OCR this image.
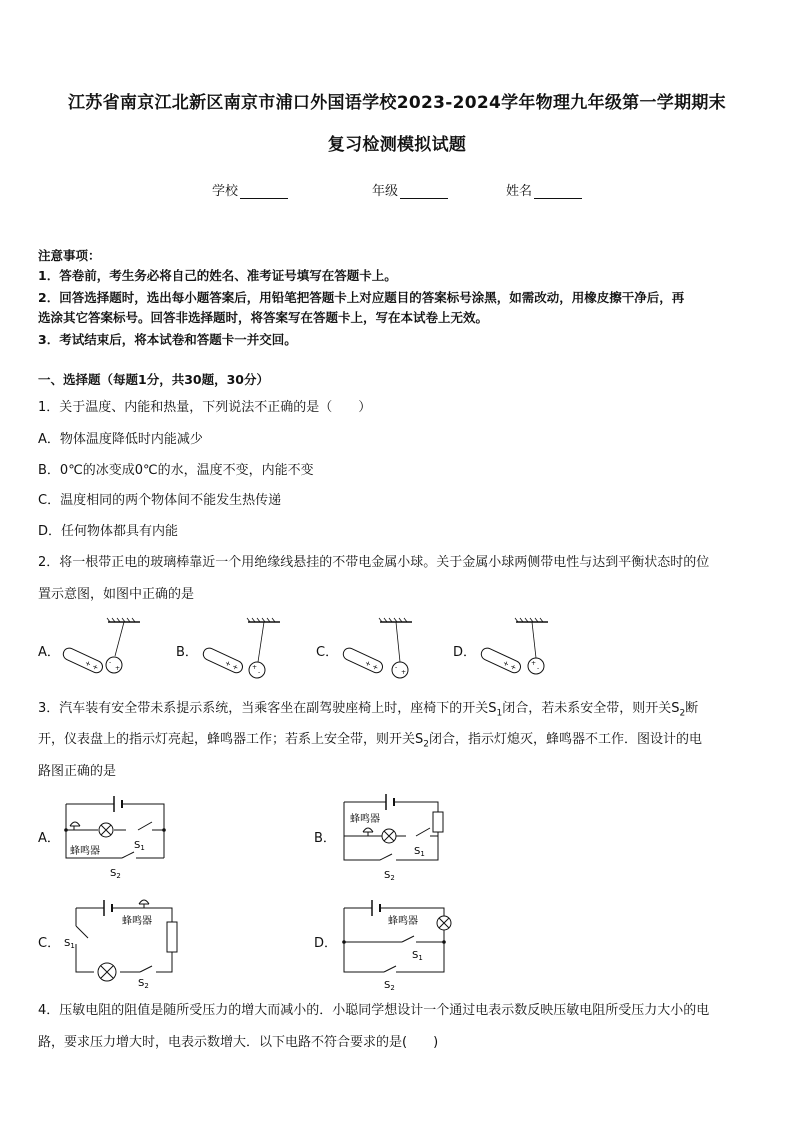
江苏省南京江北新区南京市浦口外国语学校2023-2024学年物理九年级第一学期期末
复习检测模拟试题
学校	年级	姓名
注意事项：
1．答卷前，考生务必将自己的姓名、准考证号填写在答题卡上。
2．回答选择题时，选出每小题答案后，用铅笔把答题卡上对应题目的答案标号涂黑，如需改动，用橡皮擦干净后，再
选涂其它答案标号。回答非选择题时，将答案写在答题卡上，写在本试卷上无效。
3．考试结束后，将本试卷和答题卡一并交回。
一、选择题（每题1分，共30题，30分）
1．关于温度、内能和热量，下列说法不正确的是（　　）
A．物体温度降低时内能减少
B．0℃的冰变成0℃的水，温度不变，内能不变
C．温度相同的两个物体间不能发生热传递
D．任何物体都具有内能
2．将一根带正电的玻璃棒靠近一个用绝缘线悬挂的不带电金属小球。关于金属小球两侧带电性与达到平衡状态时的位
置示意图，如图中正确的是
A．	B．	C．	D．
-
+
+ +	+
-
+ +	-
+
+ +	+
-
+ +
3．汽车装有安全带未系提示系统，当乘客坐在副驾驶座椅上时，座椅下的开关$S_1$闭合，若未系安全带，则开关$S_2$断
开，仪表盘上的指示灯亮起，蜂鸣器工作；若系上安全带，则开关$S_2$闭合，指示灯熄灭，蜂鸣器不工作．图设计的电
路图正确的是
A．	B．
C．	D．
蜂鸣器
$S_1$
$S_2$
蜂鸣器
$S_1$
$S_2$
蜂鸣器
$S_1$
$S_2$
蜂鸣器
$S_1$
$S_2$
4．压敏电阻的阻值是随所受压力的增大而减小的．小聪同学想设计一个通过电表示数反映压敏电阻所受压力大小的电
路，要求压力增大时，电表示数增大．以下电路不符合要求的是(　　)
